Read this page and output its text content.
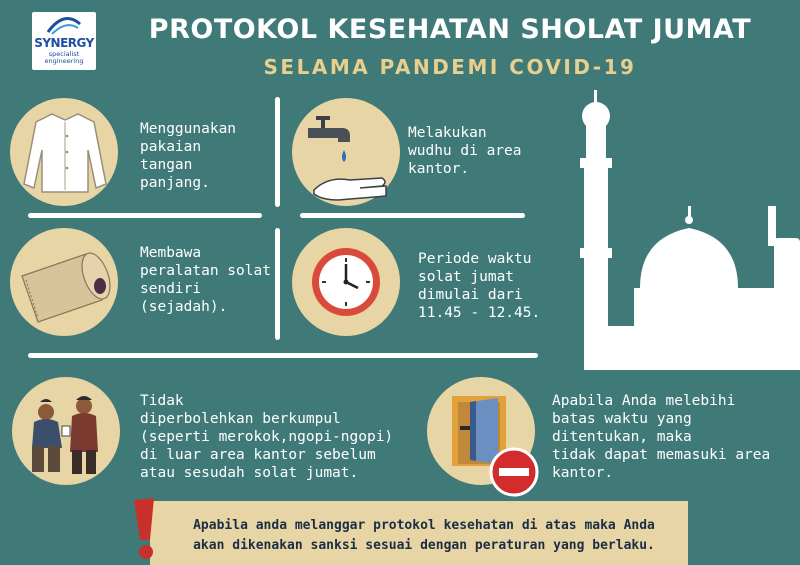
SYNERGY
specialist
engineering
PROTOKOL KESEHATAN SHOLAT JUMAT
SELAMA PANDEMI COVID-19
Menggunakan
pakaian
tangan
panjang.
Melakukan
wudhu di area
kantor.
Membawa
peralatan solat
sendiri
(sejadah).
Periode waktu
solat jumat
dimulai dari
11.45 - 12.45.
Tidak
diperbolehkan berkumpul
(seperti merokok,ngopi-ngopi)
di luar area kantor sebelum
atau sesudah solat jumat.
Apabila Anda melebihi
batas waktu yang
ditentukan, maka
tidak dapat memasuki area
kantor.
Apabila anda melanggar protokol kesehatan di atas maka Anda
akan dikenakan sanksi sesuai dengan peraturan yang berlaku.
